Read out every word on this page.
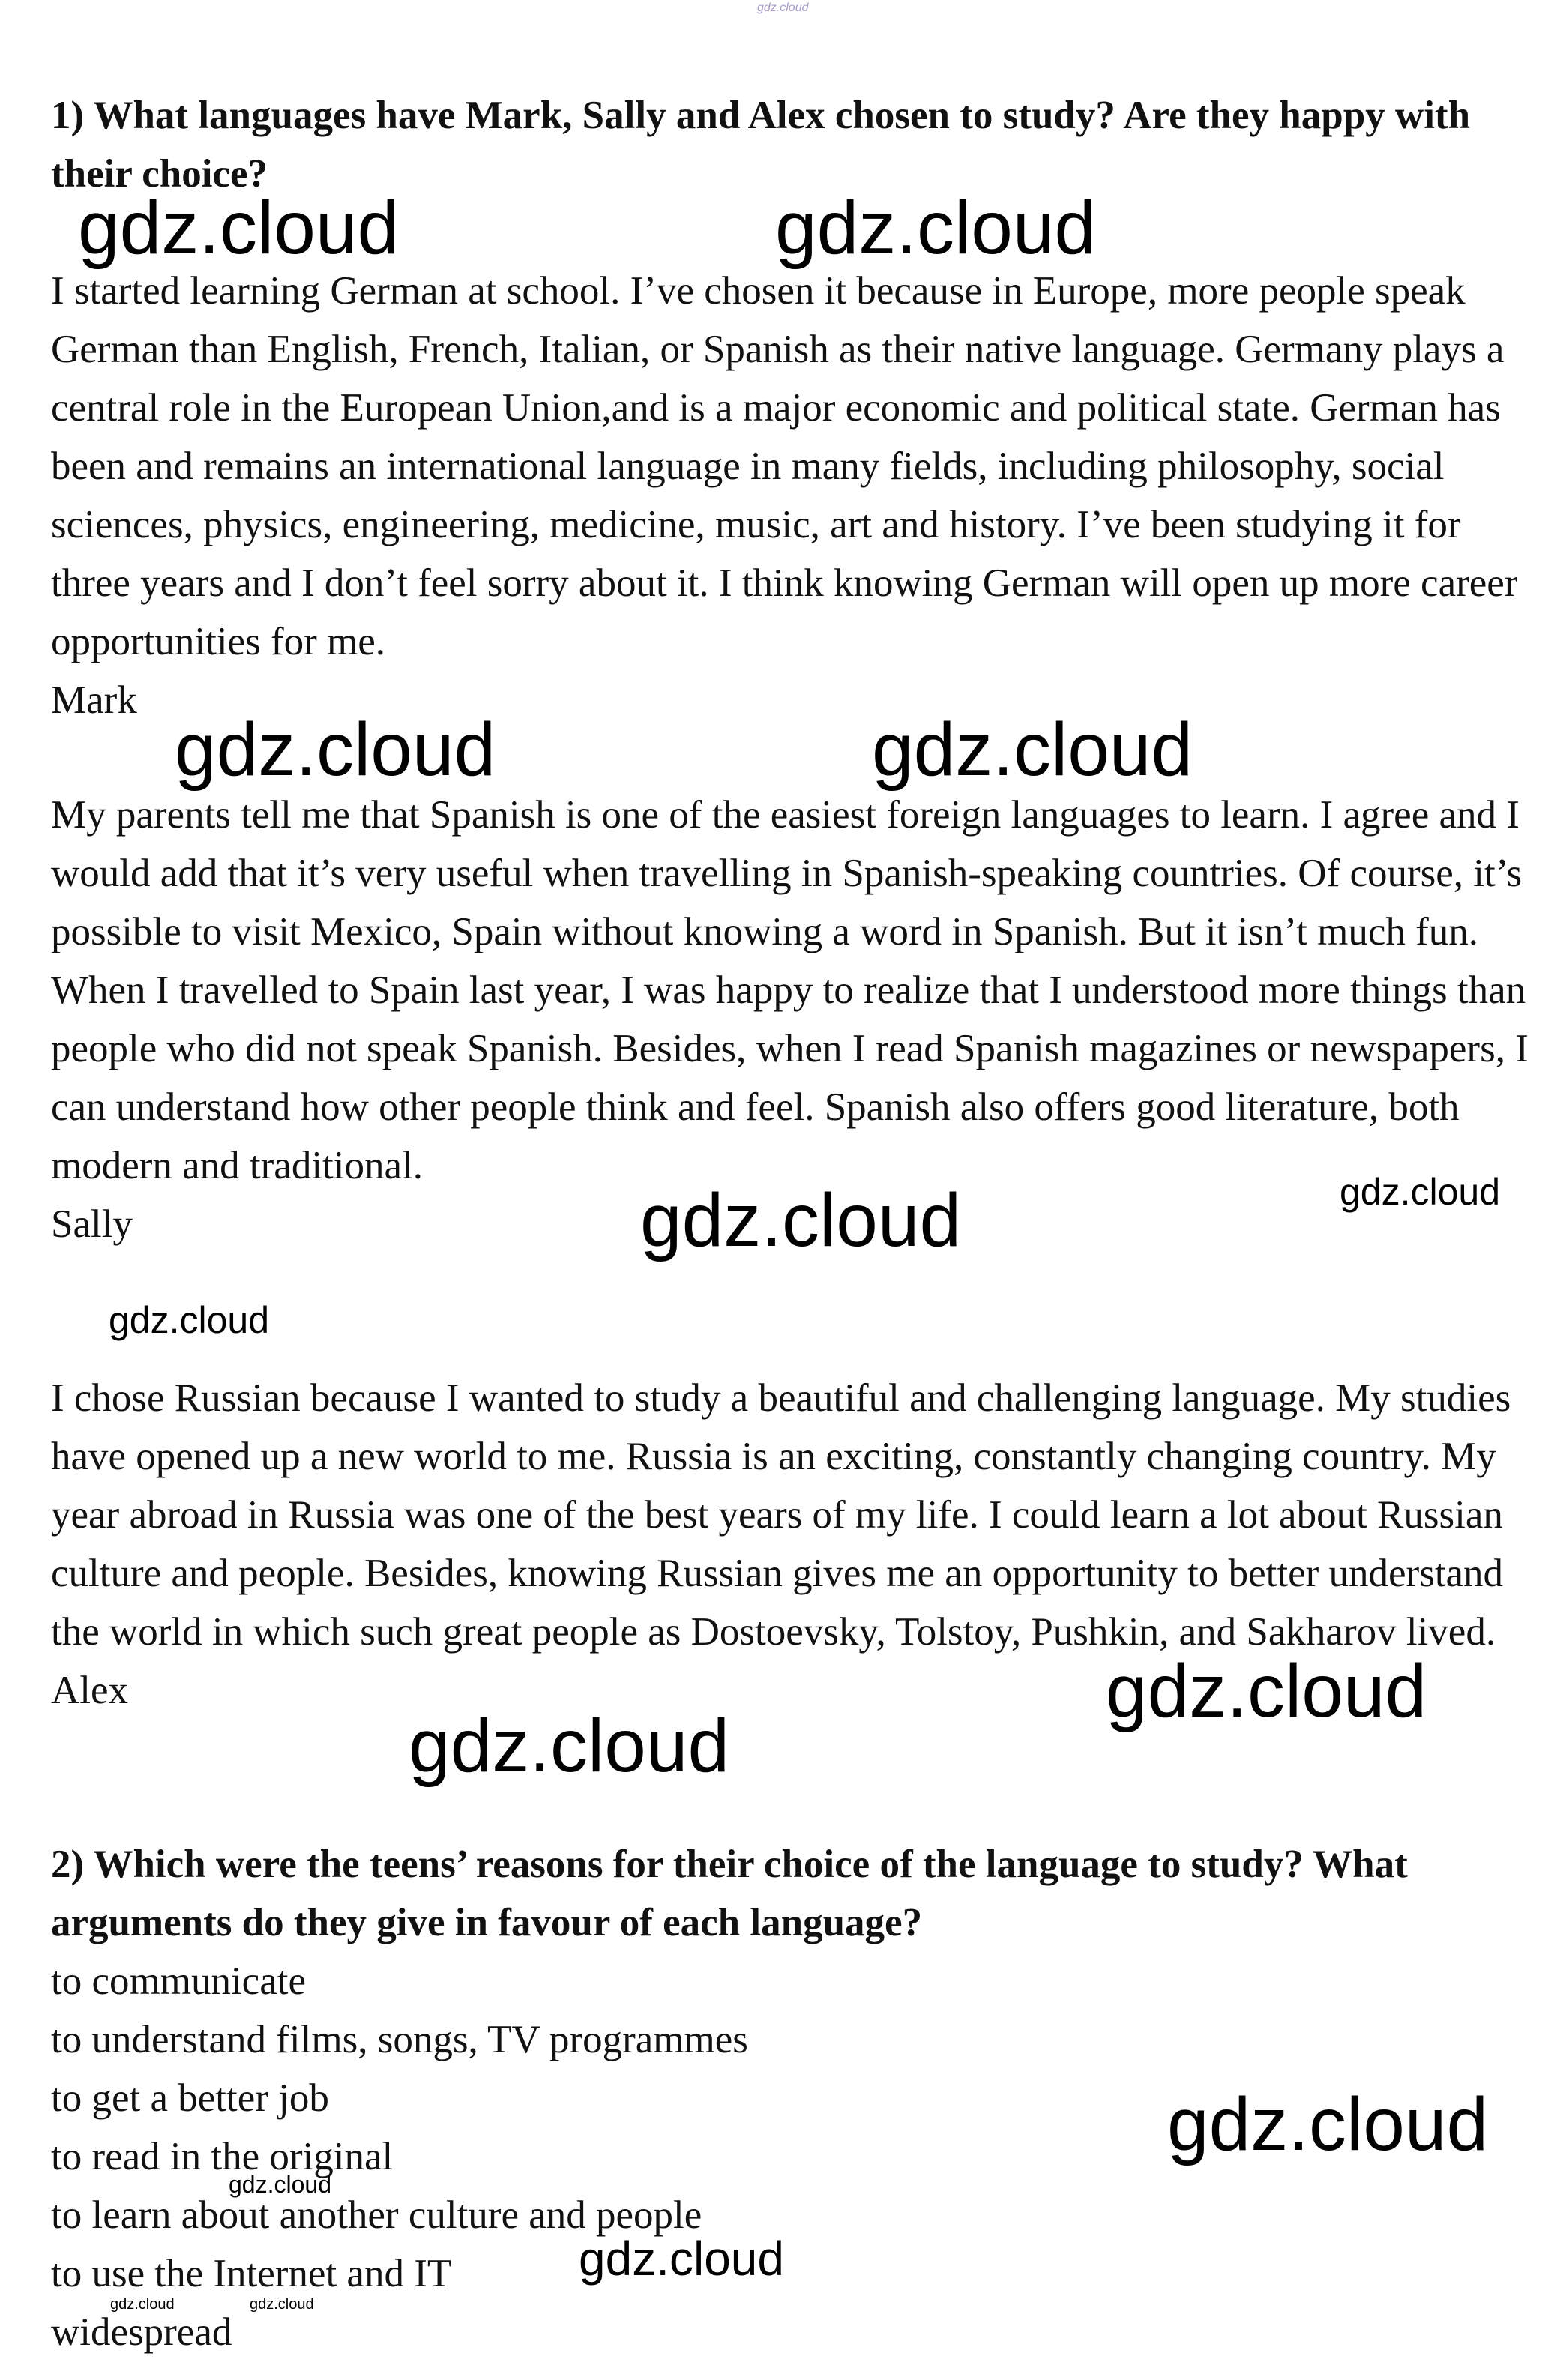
gdz.cloud

1) What languages have Mark, Sally and Alex chosen to study? Are they happy with their choice?

I started learning German at school. I’ve chosen it because in Europe, more people speak German than English, French, Italian, or Spanish as their native language. Germany plays a central role in the European Union,and is a major economic and political state. German has been and remains an international language in many fields, including philosophy, social sciences, physics, engineering, medicine, music, art and history. I’ve been studying it for three years and I don’t feel sorry about it. I think knowing German will open up more career opportunities for me.

Mark

My parents tell me that Spanish is one of the easiest foreign languages to learn. I agree and I would add that it’s very useful when travelling in Spanish-speaking countries. Of course, it’s possible to visit Mexico, Spain without knowing a word in Spanish. But it isn’t much fun. When I travelled to Spain last year, I was happy to realize that I understood more things than people who did not speak Spanish. Besides, when I read Spanish magazines or newspapers, I can understand how other people think and feel. Spanish also offers good literature, both modern and traditional.

Sally

I chose Russian because I wanted to study a beautiful and challenging language. My studies have opened up a new world to me. Russia is an exciting, constantly changing country. My year abroad in Russia was one of the best years of my life. I could learn a lot about Russian culture and people. Besides, knowing Russian gives me an opportunity to better understand the world in which such great people as Dostoevsky, Tolstoy, Pushkin, and Sakharov lived.

Alex

2) Which were the teens’ reasons for their choice of the language to study? What arguments do they give in favour of each language?

to communicate

to understand films, songs, TV programmes

to get a better job

to read in the original

to learn about another culture and people

to use the Internet and IT

widespread

gdz.cloud	gdz.cloud
gdz.cloud	gdz.cloud
gdz.cloud	gdz.cloud
gdz.cloud
gdz.cloud
gdz.cloud
gdz.cloud
gdz.cloud
gdz.cloud
gdz.cloud	gdz.cloud
